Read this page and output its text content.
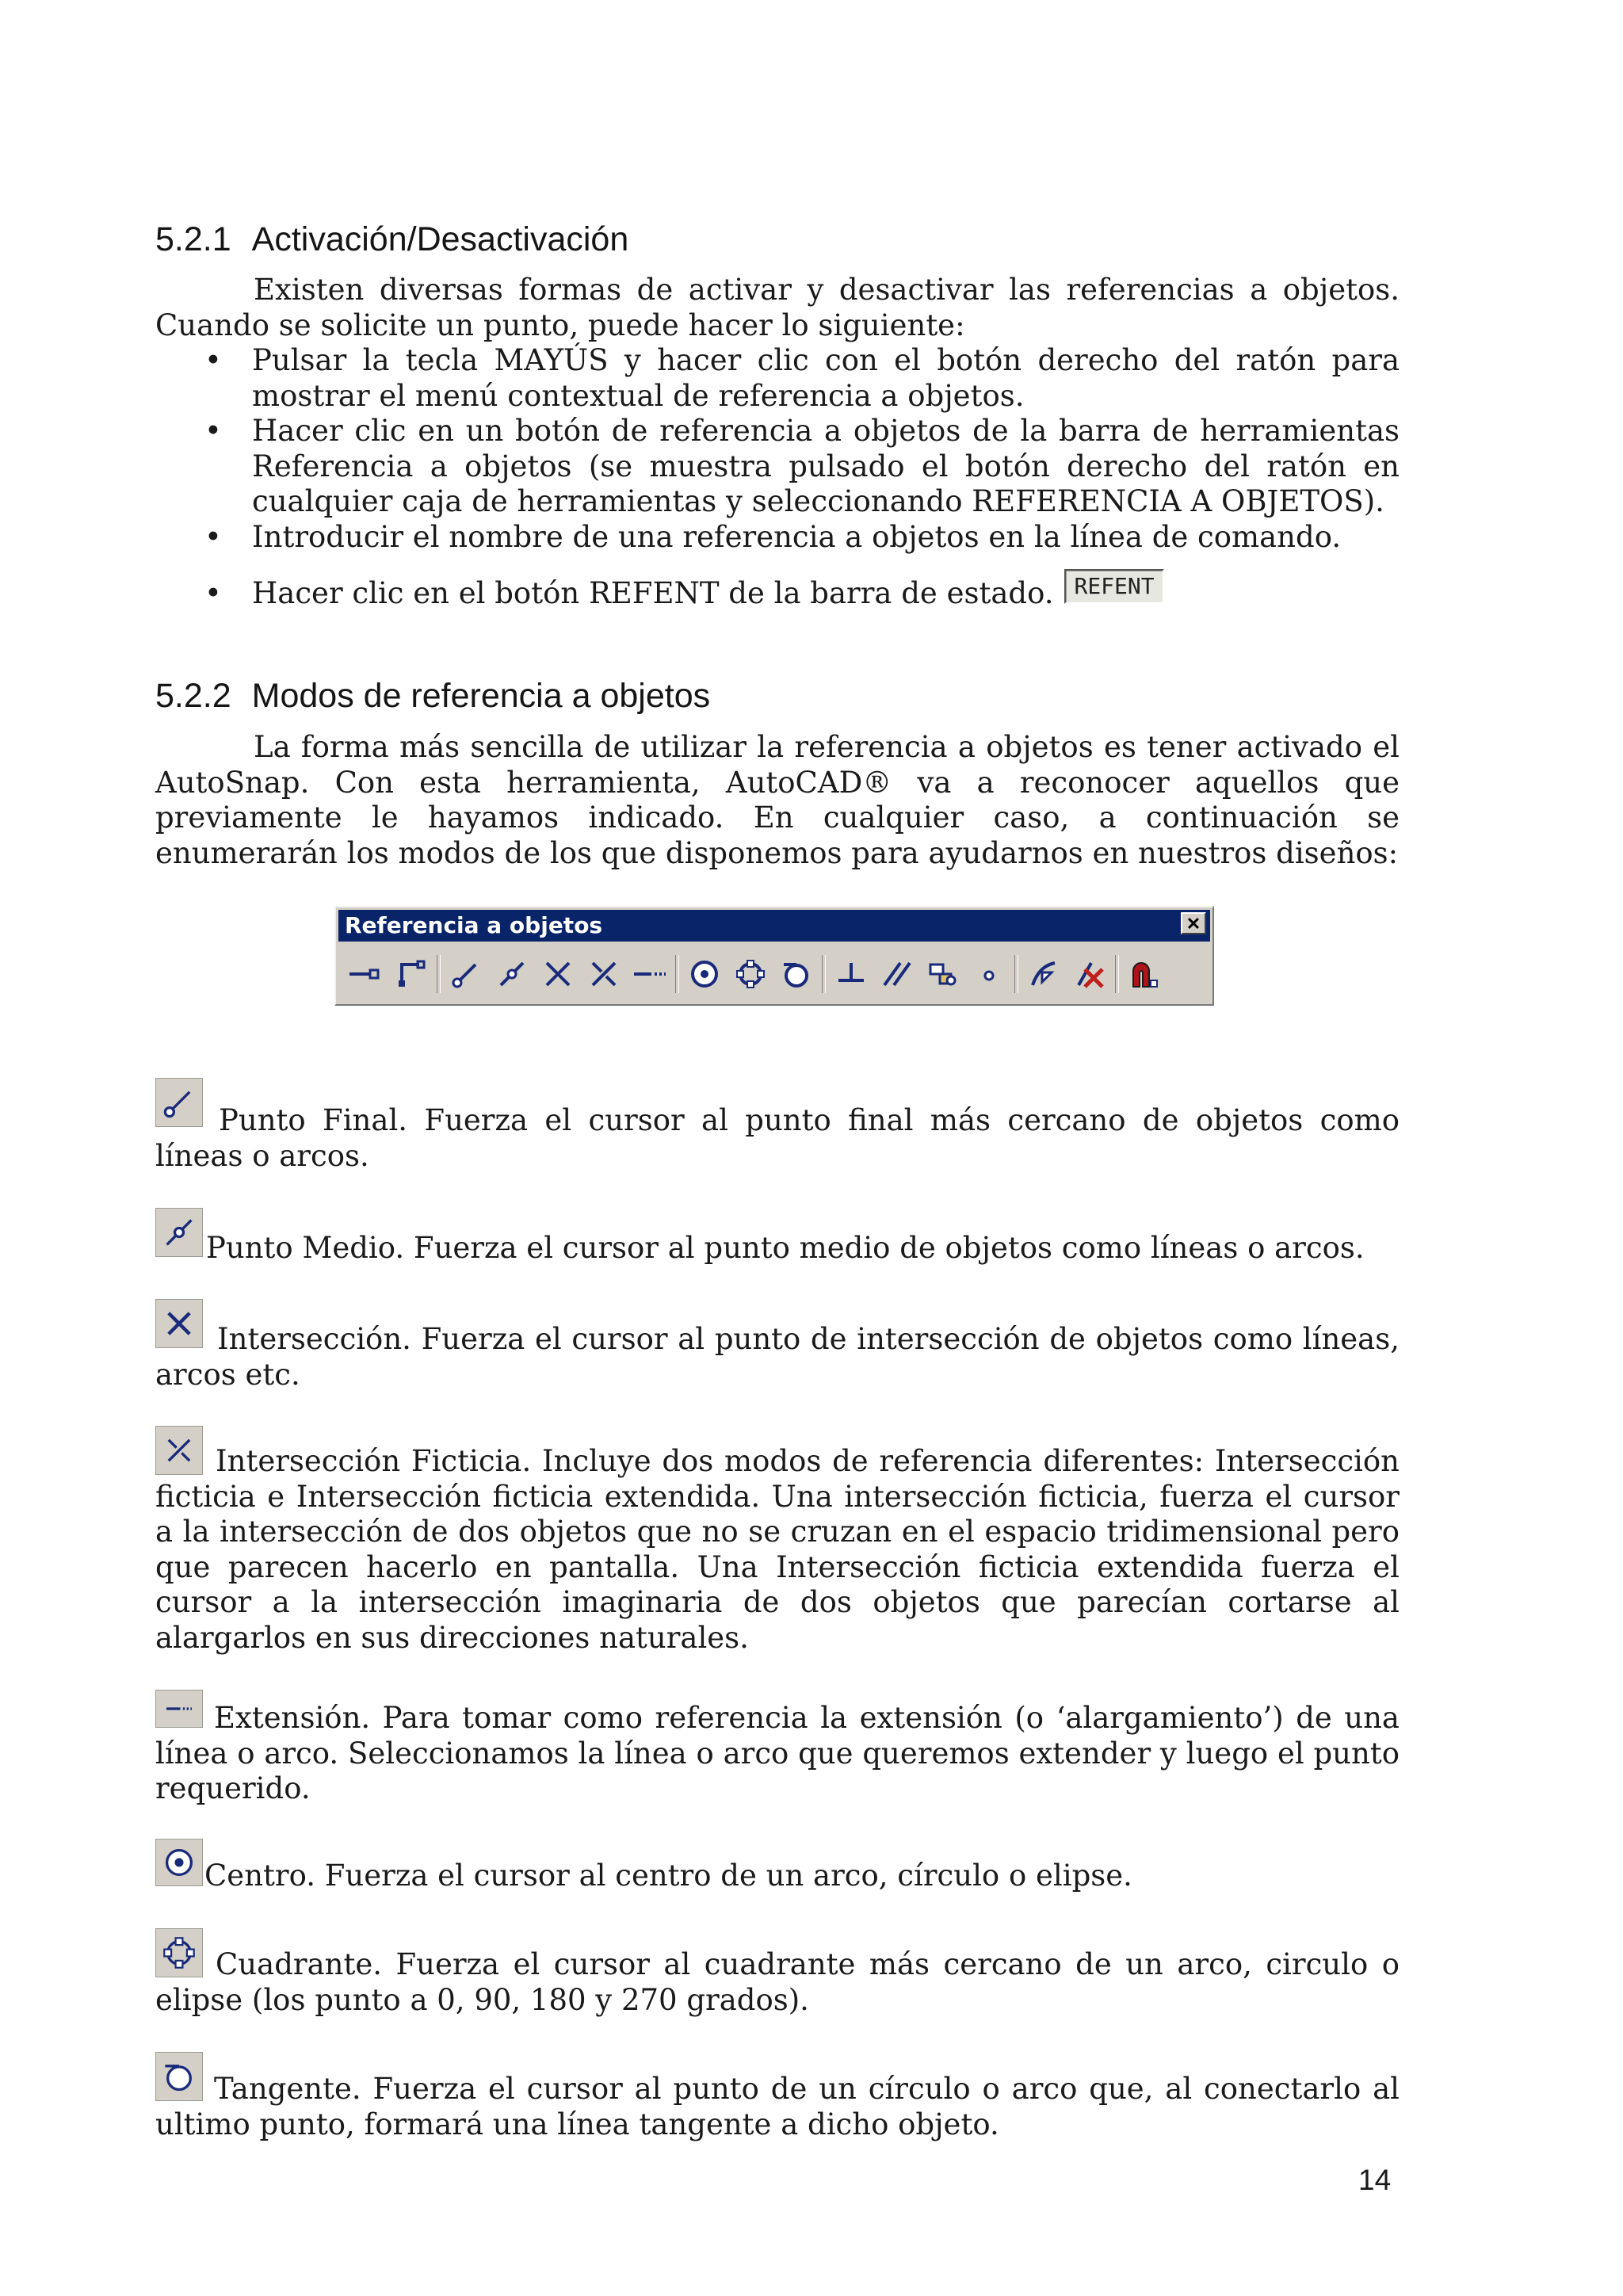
5.2.1 Activación/Desactivación

Existen diversas formas de activar y desactivar las referencias a objetos. Cuando se solicite un punto, puede hacer lo siguiente:

• Pulsar la tecla MAYÚS y hacer clic con el botón derecho del ratón para mostrar el menú contextual de referencia a objetos.
• Hacer clic en un botón de referencia a objetos de la barra de herramientas Referencia a objetos (se muestra pulsado el botón derecho del ratón en cualquier caja de herramientas y seleccionando REFERENCIA A OBJETOS).
• Introducir el nombre de una referencia a objetos en la línea de comando.
• Hacer clic en el botón REFENT de la barra de estado. REFENT
5.2.2 Modos de referencia a objetos

La forma más sencilla de utilizar la referencia a objetos es tener activado el AutoSnap. Con esta herramienta, AutoCAD® va a reconocer aquellos que previamente le hayamos indicado. En cualquier caso, a continuación se enumerarán los modos de los que disponemos para ayudarnos en nuestros diseños:

Referencia a objetos	✕

Punto Final. Fuerza el cursor al punto final más cercano de objetos como líneas o arcos.

Punto Medio. Fuerza el cursor al punto medio de objetos como líneas o arcos.

Intersección. Fuerza el cursor al punto de intersección de objetos como líneas, arcos etc.

Intersección Ficticia. Incluye dos modos de referencia diferentes: Intersección ficticia e Intersección ficticia extendida. Una intersección ficticia, fuerza el cursor a la intersección de dos objetos que no se cruzan en el espacio tridimensional pero que parecen hacerlo en pantalla. Una Intersección ficticia extendida fuerza el cursor a la intersección imaginaria de dos objetos que parecían cortarse al alargarlos en sus direcciones naturales.

Extensión. Para tomar como referencia la extensión (o ‘alargamiento’) de una línea o arco. Seleccionamos la línea o arco que queremos extender y luego el punto requerido.

Centro. Fuerza el cursor al centro de un arco, círculo o elipse.

Cuadrante. Fuerza el cursor al cuadrante más cercano de un arco, circulo o elipse (los punto a 0, 90, 180 y 270 grados).

Tangente. Fuerza el cursor al punto de un círculo o arco que, al conectarlo al ultimo punto, formará una línea tangente a dicho objeto.

14
